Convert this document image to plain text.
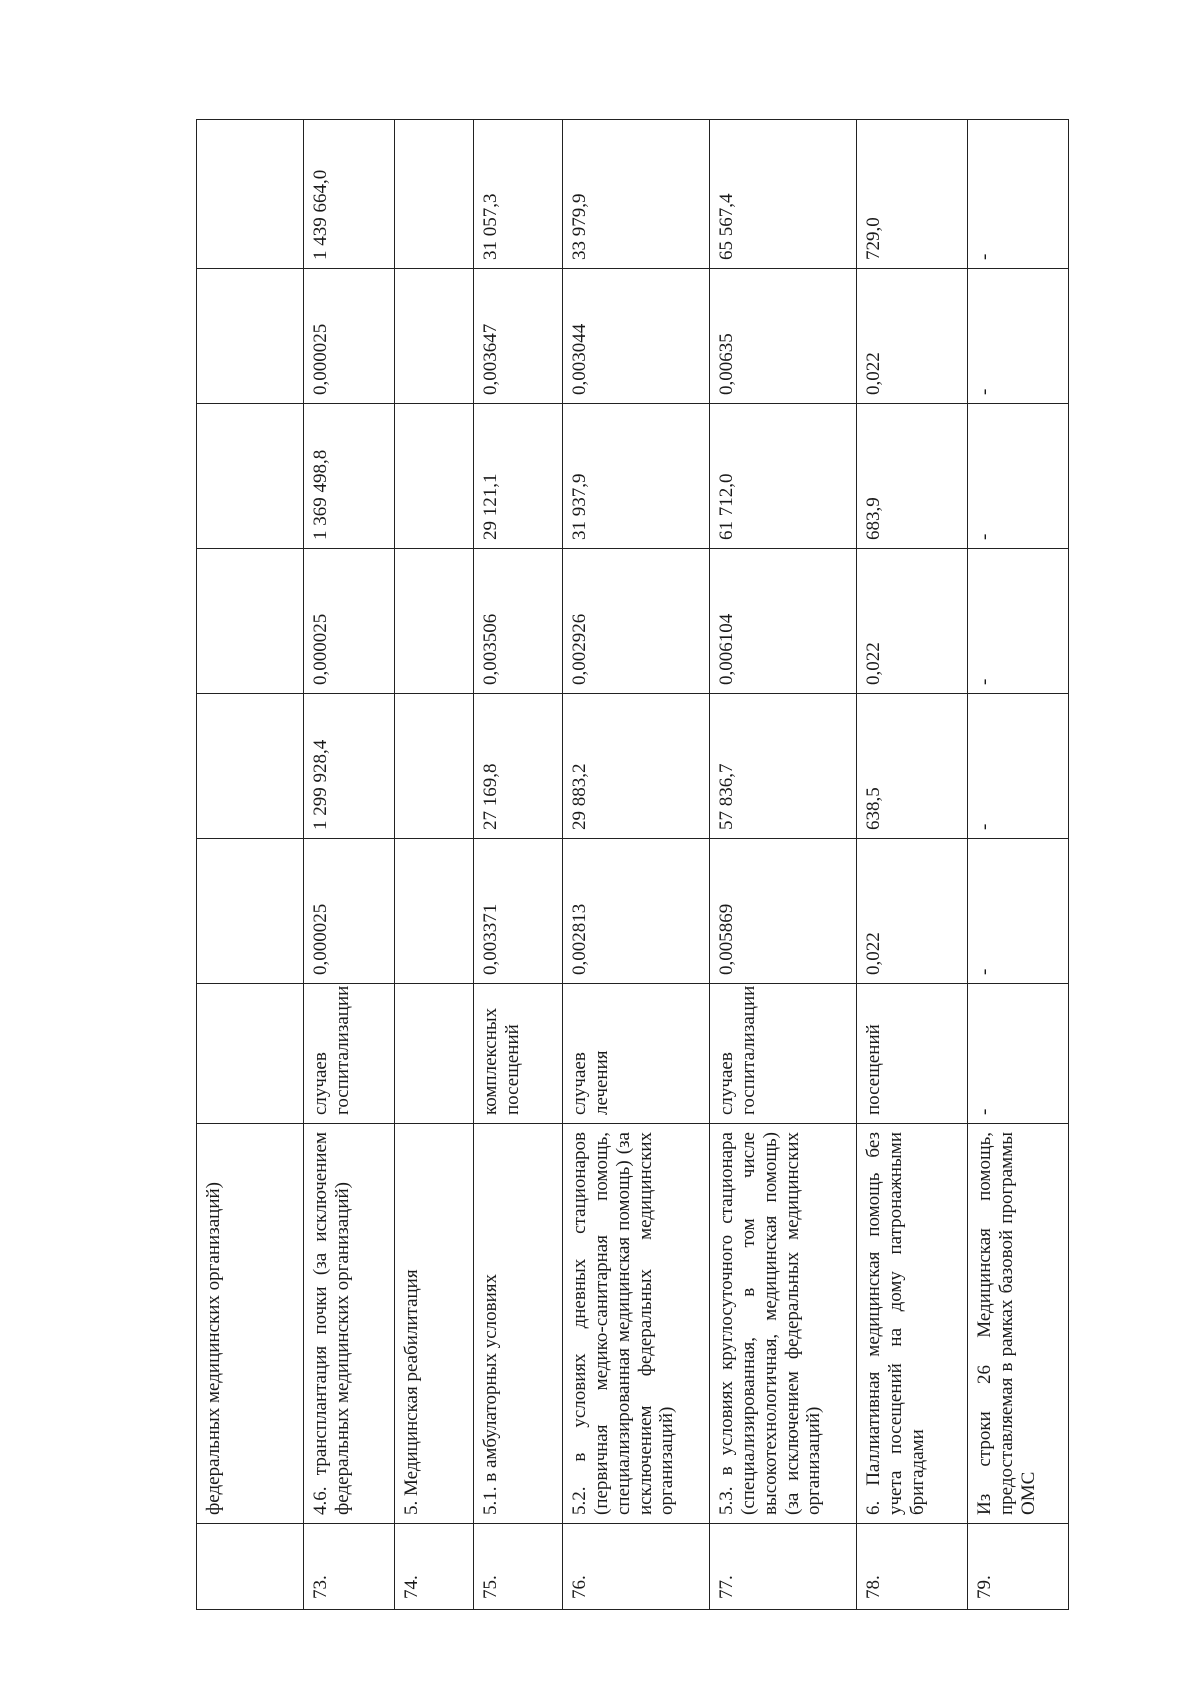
	федеральных медицинских организаций)							
73.	4.6. трансплантация почки (за исключением федеральных медицинских организаций)	случаев госпитализации	0,000025	1 299 928,4	0,000025	1 369 498,8	0,000025	1 439 664,0
74.	5. Медицинская реабилитация							
75.	5.1. в амбулаторных условиях	комплексных посещений	0,003371	27 169,8	0,003506	29 121,1	0,003647	31 057,3
76.	5.2. в условиях дневных стационаров (первичная медико-санитарная помощь, специализированная медицинская помощь) (за исключением федеральных медицинских организаций)	случаев лечения	0,002813	29 883,2	0,002926	31 937,9	0,003044	33 979,9
77.	5.3. в условиях круглосуточного стационара (специализированная, в том числе высокотехнологичная, медицинская помощь) (за исключением федеральных медицинских организаций)	случаев госпитализации	0,005869	57 836,7	0,006104	61 712,0	0,00635	65 567,4
78.	6. Паллиативная медицинская помощь без учета посещений на дому патронажными бригадами	посещений	0,022	638,5	0,022	683,9	0,022	729,0
79.	Из строки 26 Медицинская помощь, предоставляемая в рамках базовой программы ОМС	-	-	-	-	-	-	-
